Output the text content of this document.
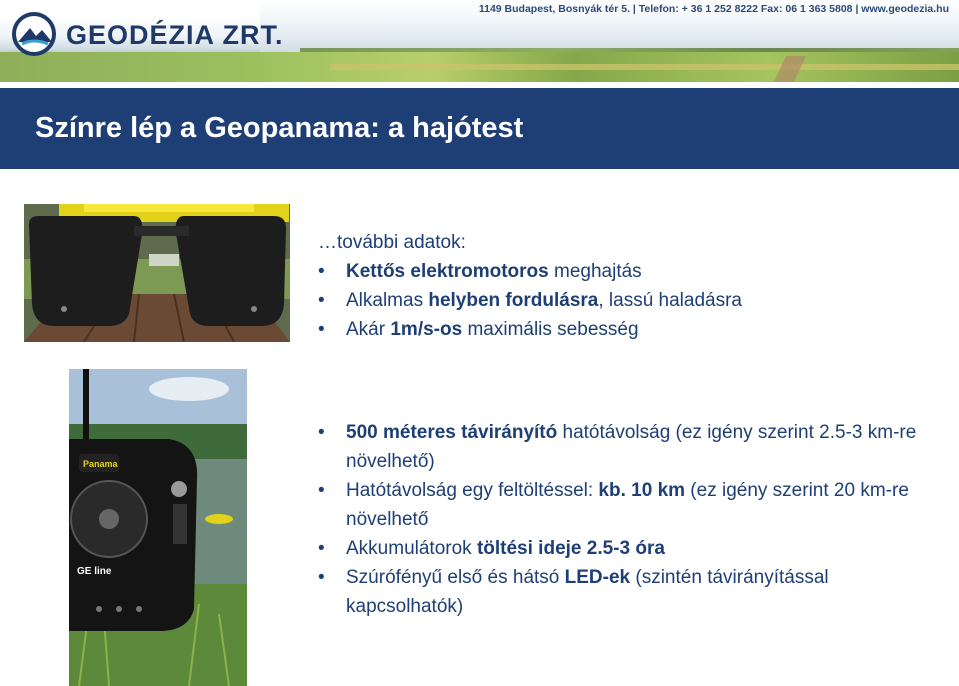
GEODÉZIA ZRT.
1149 Budapest, Bosnyák tér 5. | Telefon: + 36 1 252 8222 Fax: 06 1 363 5808 | www.geodezia.hu
Színre lép a Geopanama: a hajótest
Panama
GE line
…további adatok:
• Kettős elektromotoros meghajtás
• Alkalmas helyben fordulásra, lassú haladásra
• Akár 1m/s-os maximális sebesség
• 500 méteres távirányító hatótávolság (ez igény szerint 2.5-3 km-re növelhető)
• Hatótávolság egy feltöltéssel: kb. 10 km (ez igény szerint 20 km-re növelhető
• Akkumulátorok töltési ideje 2.5-3 óra
• Szúrófényű első és hátsó LED-ek (szintén távirányítással kapcsolhatók)
